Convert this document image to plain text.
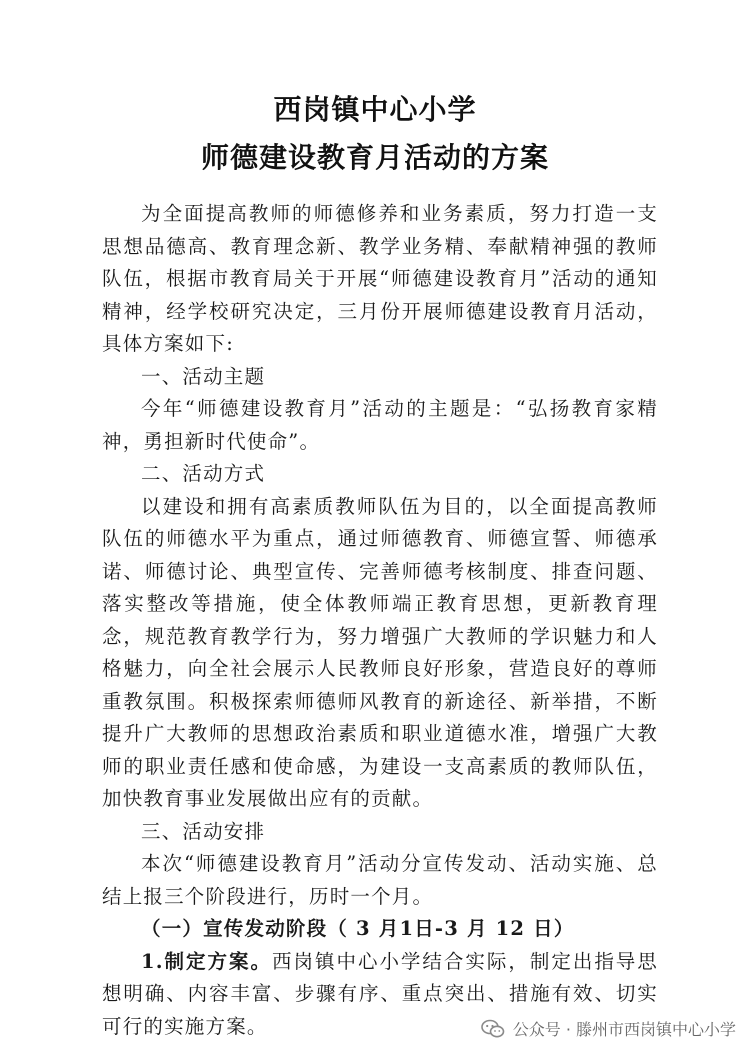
西岗镇中心小学
师德建设教育月活动的方案

为全面提高教师的师德修养和业务素质，努力打造一支思想品德高、教育理念新、教学业务精、奉献精神强的教师队伍，根据市教育局关于开展“师德建设教育月”活动的通知精神，经学校研究决定，三月份开展师德建设教育月活动，具体方案如下:

一、活动主题

今年“师德建设教育月”活动的主题是：“弘扬教育家精神，勇担新时代使命”。

二、活动方式

以建设和拥有高素质教师队伍为目的，以全面提高教师队伍的师德水平为重点，通过师德教育、师德宣誓、师德承诺、师德讨论、典型宣传、完善师德考核制度、排查问题、落实整改等措施，使全体教师端正教育思想，更新教育理念，规范教育教学行为，努力增强广大教师的学识魅力和人格魅力，向全社会展示人民教师良好形象，营造良好的尊师重教氛围。积极探索师德师风教育的新途径、新举措，不断提升广大教师的思想政治素质和职业道德水准，增强广大教师的职业责任感和使命感，为建设一支高素质的教师队伍，加快教育事业发展做出应有的贡献。

三、活动安排

本次“师德建设教育月”活动分宣传发动、活动实施、总结上报三个阶段进行，历时一个月。

（一）宣传发动阶段（ 3 月1日-3 月 12 日）

1.制定方案。西岗镇中心小学结合实际，制定出指导思想明确、内容丰富、步骤有序、重点突出、措施有效、切实可行的实施方案。	公众号 · 滕州市西岗镇中心小学
